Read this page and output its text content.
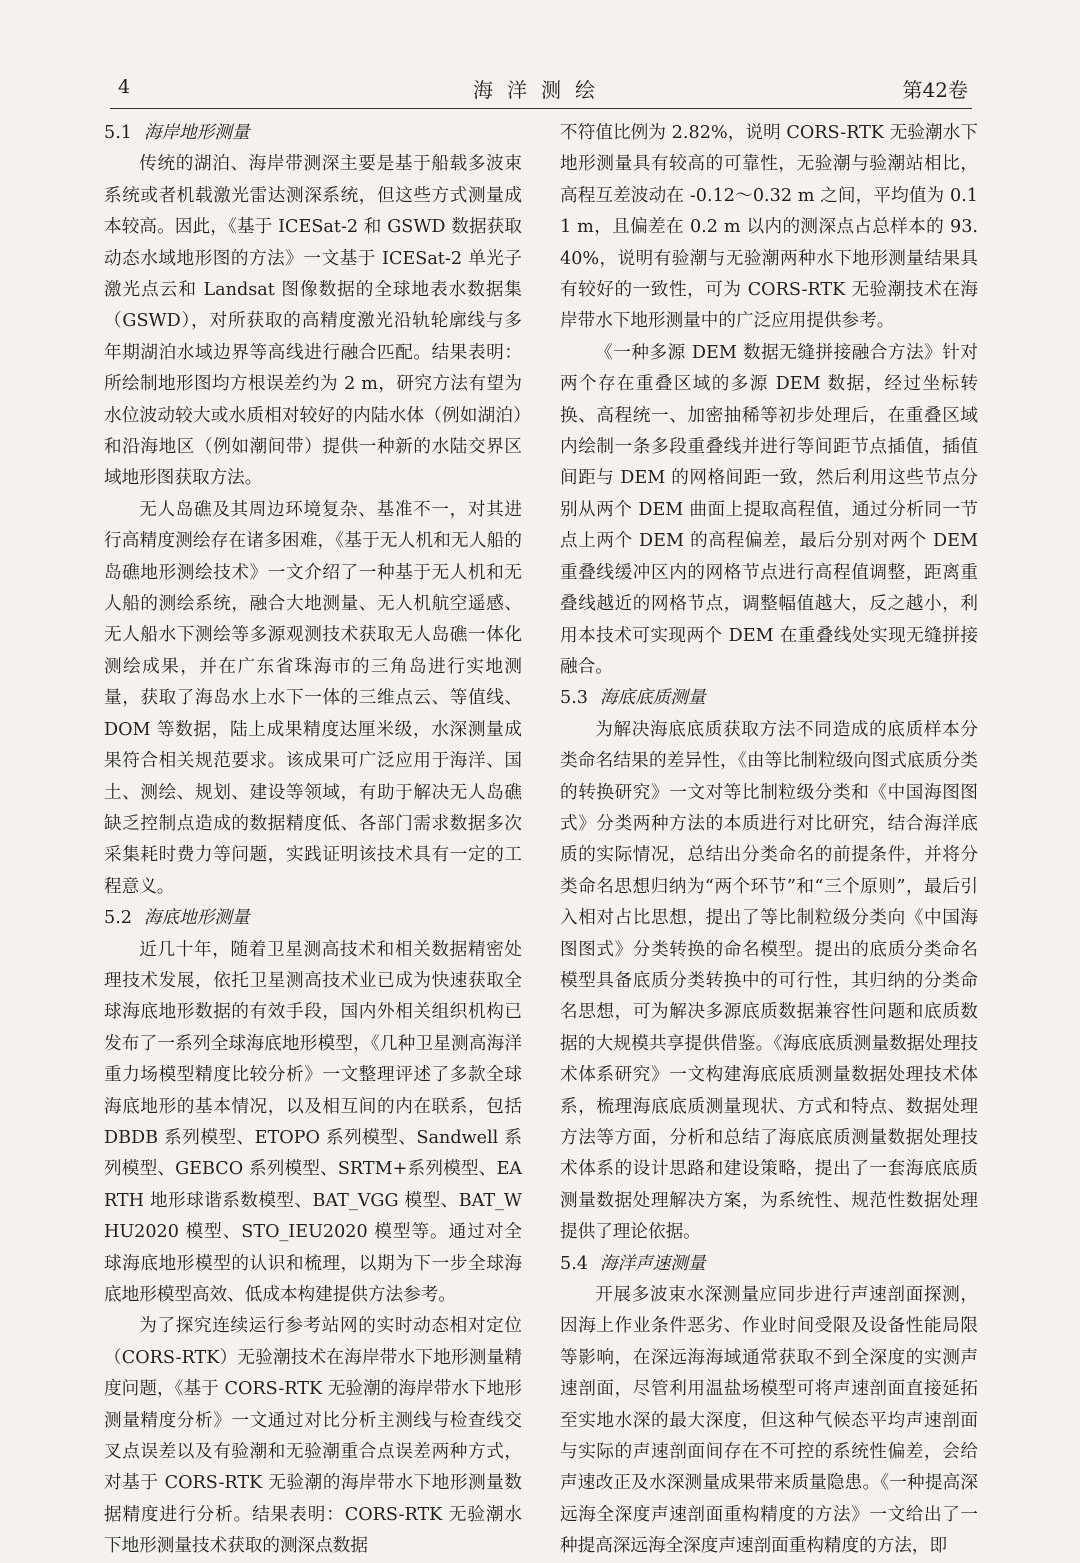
4	海洋测绘	第42卷
5.1 海岸地形测量

传统的湖泊、海岸带测深主要是基于船载多波束系统或者机载激光雷达测深系统，但这些方式测量成本较高。因此，《基于 ICESat-2 和 GSWD 数据获取动态水域地形图的方法》一文基于 ICESat-2 单光子激光点云和 Landsat 图像数据的全球地表水数据集（GSWD），对所获取的高精度激光沿轨轮廓线与多年期湖泊水域边界等高线进行融合匹配。结果表明：所绘制地形图均方根误差约为 2 m，研究方法有望为水位波动较大或水质相对较好的内陆水体（例如湖泊）和沿海地区（例如潮间带）提供一种新的水陆交界区域地形图获取方法。

无人岛礁及其周边环境复杂、基准不一，对其进行高精度测绘存在诸多困难，《基于无人机和无人船的岛礁地形测绘技术》一文介绍了一种基于无人机和无人船的测绘系统，融合大地测量、无人机航空遥感、无人船水下测绘等多源观测技术获取无人岛礁一体化测绘成果，并在广东省珠海市的三角岛进行实地测量，获取了海岛水上水下一体的三维点云、等值线、DOM 等数据，陆上成果精度达厘米级，水深测量成果符合相关规范要求。该成果可广泛应用于海洋、国土、测绘、规划、建设等领域，有助于解决无人岛礁缺乏控制点造成的数据精度低、各部门需求数据多次采集耗时费力等问题，实践证明该技术具有一定的工程意义。

5.2 海底地形测量

近几十年，随着卫星测高技术和相关数据精密处理技术发展，依托卫星测高技术业已成为快速获取全球海底地形数据的有效手段，国内外相关组织机构已发布了一系列全球海底地形模型，《几种卫星测高海洋重力场模型精度比较分析》一文整理评述了多款全球海底地形的基本情况，以及相互间的内在联系，包括 DBDB 系列模型、ETOPO 系列模型、Sandwell 系列模型、GEBCO 系列模型、SRTM+系列模型、EARTH 地形球谐系数模型、BAT_VGG 模型、BAT_WHU2020 模型、STO_IEU2020 模型等。通过对全球海底地形模型的认识和梳理，以期为下一步全球海底地形模型高效、低成本构建提供方法参考。

为了探究连续运行参考站网的实时动态相对定位（CORS-RTK）无验潮技术在海岸带水下地形测量精度问题，《基于 CORS-RTK 无验潮的海岸带水下地形测量精度分析》一文通过对比分析主测线与检查线交叉点误差以及有验潮和无验潮重合点误差两种方式，对基于 CORS-RTK 无验潮的海岸带水下地形测量数据精度进行分析。结果表明：CORS-RTK 无验潮水下地形测量技术获取的测深点数据

不符值比例为 2.82%，说明 CORS-RTK 无验潮水下地形测量具有较高的可靠性，无验潮与验潮站相比，高程互差波动在 -0.12～0.32 m 之间，平均值为 0.11 m，且偏差在 0.2 m 以内的测深点占总样本的 93.40%，说明有验潮与无验潮两种水下地形测量结果具有较好的一致性，可为 CORS-RTK 无验潮技术在海岸带水下地形测量中的广泛应用提供参考。

《一种多源 DEM 数据无缝拼接融合方法》针对两个存在重叠区域的多源 DEM 数据，经过坐标转换、高程统一、加密抽稀等初步处理后，在重叠区域内绘制一条多段重叠线并进行等间距节点插值，插值间距与 DEM 的网格间距一致，然后利用这些节点分别从两个 DEM 曲面上提取高程值，通过分析同一节点上两个 DEM 的高程偏差，最后分别对两个 DEM 重叠线缓冲区内的网格节点进行高程值调整，距离重叠线越近的网格节点，调整幅值越大，反之越小，利用本技术可实现两个 DEM 在重叠线处实现无缝拼接融合。

5.3 海底底质测量

为解决海底底质获取方法不同造成的底质样本分类命名结果的差异性，《由等比制粒级向图式底质分类的转换研究》一文对等比制粒级分类和《中国海图图式》分类两种方法的本质进行对比研究，结合海洋底质的实际情况，总结出分类命名的前提条件，并将分类命名思想归纳为“两个环节”和“三个原则”，最后引入相对占比思想，提出了等比制粒级分类向《中国海图图式》分类转换的命名模型。提出的底质分类命名模型具备底质分类转换中的可行性，其归纳的分类命名思想，可为解决多源底质数据兼容性问题和底质数据的大规模共享提供借鉴。《海底底质测量数据处理技术体系研究》一文构建海底底质测量数据处理技术体系，梳理海底底质测量现状、方式和特点、数据处理方法等方面，分析和总结了海底底质测量数据处理技术体系的设计思路和建设策略，提出了一套海底底质测量数据处理解决方案，为系统性、规范性数据处理提供了理论依据。

5.4 海洋声速测量

开展多波束水深测量应同步进行声速剖面探测，因海上作业条件恶劣、作业时间受限及设备性能局限等影响，在深远海海域通常获取不到全深度的实测声速剖面，尽管利用温盐场模型可将声速剖面直接延拓至实地水深的最大深度，但这种气候态平均声速剖面与实际的声速剖面间存在不可控的系统性偏差，会给声速改正及水深测量成果带来质量隐患。《一种提高深远海全深度声速剖面重构精度的方法》一文给出了一种提高深远海全深度声速剖面重构精度的方法，即
